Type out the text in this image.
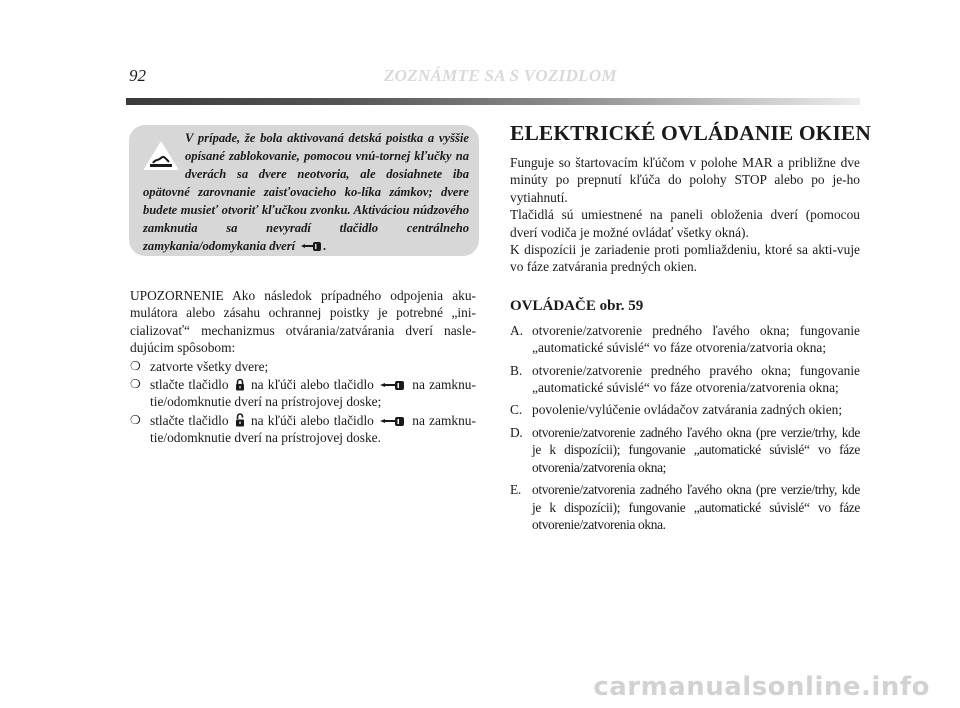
92	ZOZNÁMTE SA S VOZIDLOM
V prípade, že bola aktivovaná detská poistka a vyššie opísané zablokovanie, pomocou vnú-tornej kľučky na dverách sa dvere neotvoria, ale dosiahnete iba opätovné zarovnanie zaisťovacieho ko-líka zámkov; dvere budete musieť otvoriť kľučkou zvonku. Aktiváciou núdzového zamknutia sa nevyradí tlačidlo centrálneho zamykania/odomykania dverí .

UPOZORNENIE Ako následok prípadného odpojenia aku-mulátora alebo zásahu ochrannej poistky je potrebné „ini-cializovať“ mechanizmus otvárania/zatvárania dverí nasle-dujúcim spôsobom:

❍ zatvorte všetky dvere;
❍ stlačte tlačidlo na kľúči alebo tlačidlo	na zamknu-tie/odomknutie dverí na prístrojovej doske;
❍ stlačte tlačidlo na kľúči alebo tlačidlo	na zamknu-tie/odomknutie dverí na prístrojovej doske.
ELEKTRICKÉ OVLÁDANIE OKIEN
Funguje so štartovacím kľúčom v polohe MAR a približne dve minúty po prepnutí kľúča do polohy STOP alebo po je-ho vytiahnutí.
Tlačidlá sú umiestnené na paneli obloženia dverí (pomocou dverí vodiča je možné ovládať všetky okná).
K dispozícii je zariadenie proti pomliaždeniu, ktoré sa akti-vuje vo fáze zatvárania predných okien.
OVLÁDAČE obr. 59
A. otvorenie/zatvorenie predného ľavého okna; fungovanie „automatické súvislé“ vo fáze otvorenia/zatvoria okna;
B. otvorenie/zatvorenie predného pravého okna; fungovanie „automatické súvislé“ vo fáze otvorenia/zatvorenia okna;
C. povolenie/vylúčenie ovládačov zatvárania zadných okien;
D. otvorenie/zatvorenie zadného ľavého okna (pre verzie/trhy, kde je k dispozícii); fungovanie „automatické súvislé“ vo fáze otvorenia/zatvorenia okna;
E. otvorenie/zatvorenia zadného ľavého okna (pre verzie/trhy, kde je k dispozícii); fungovanie „automatické súvislé“ vo fáze otvorenie/zatvorenia okna.
carmanualsonline.info
